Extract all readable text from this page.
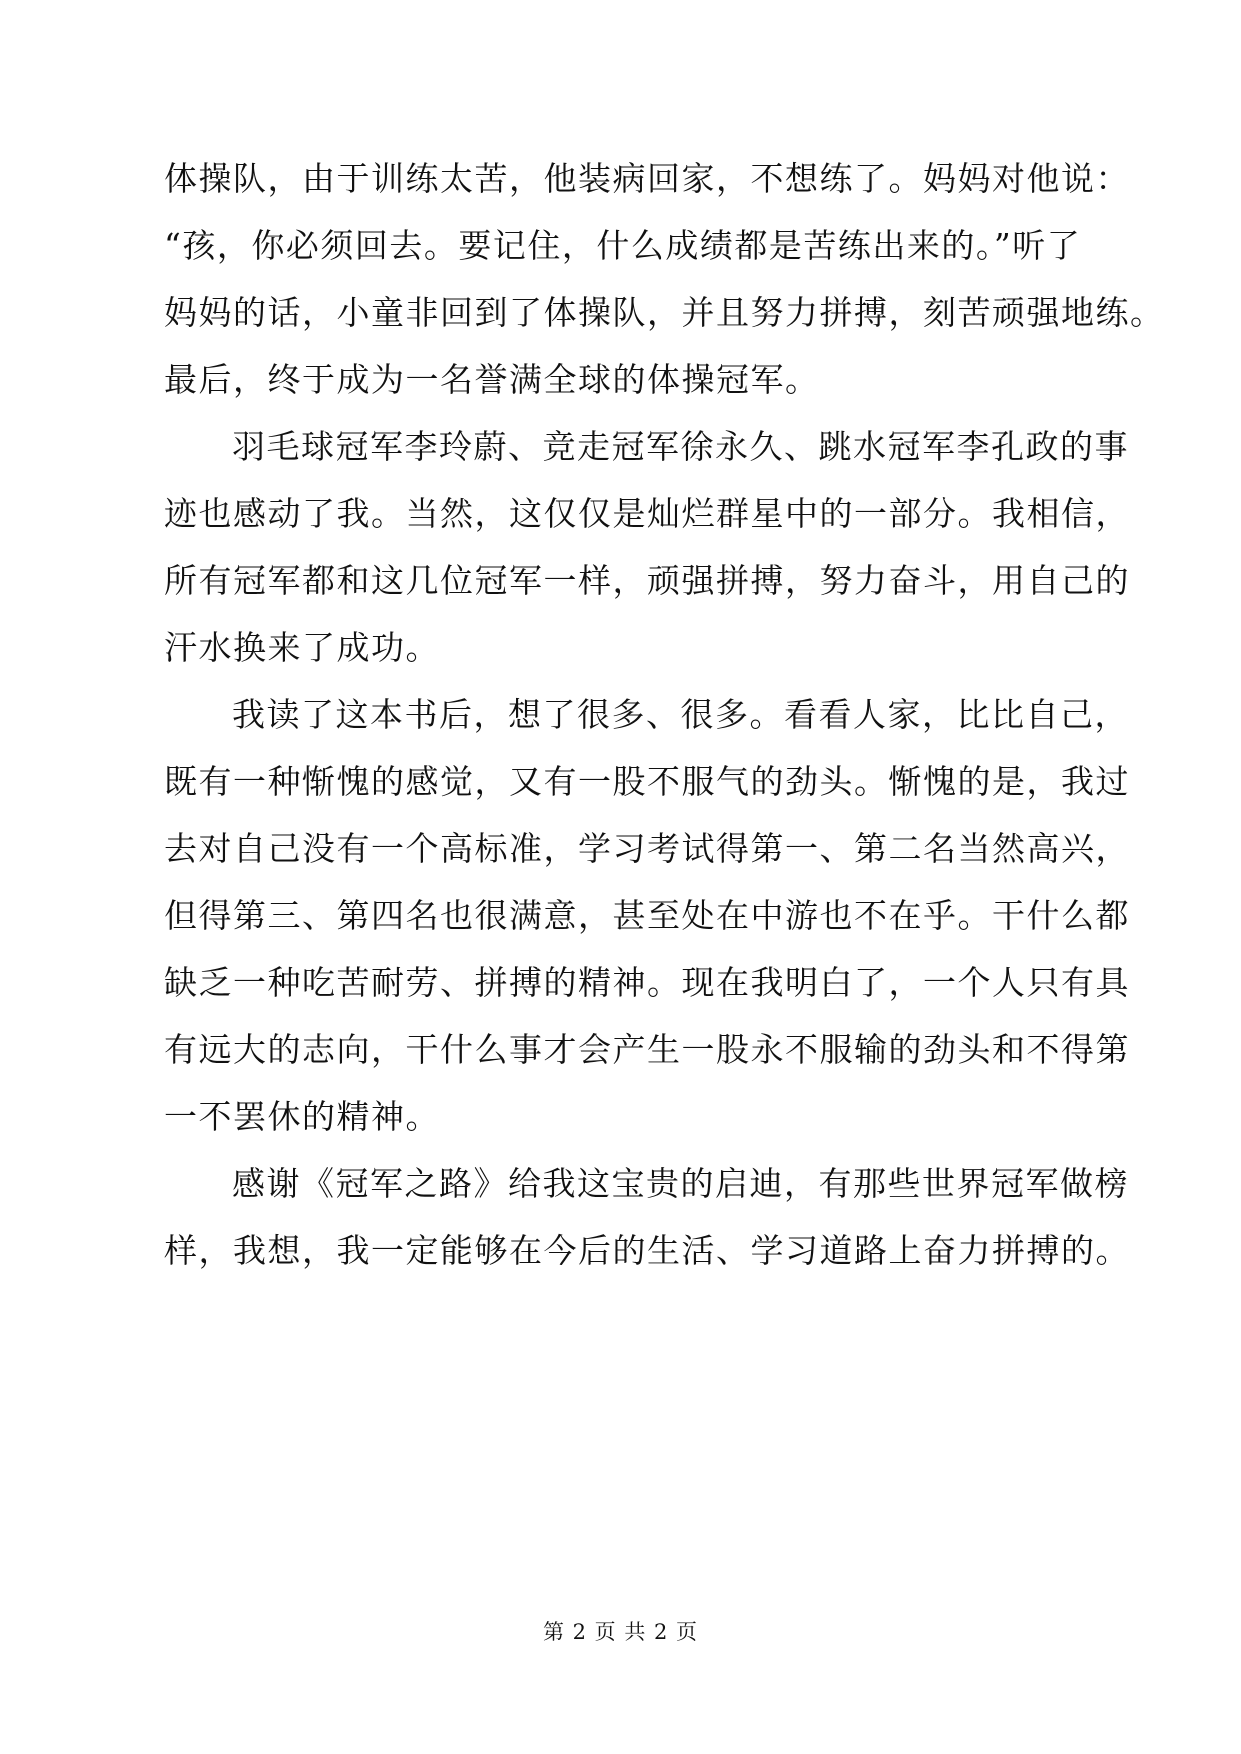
体操队，由于训练太苦，他装病回家，不想练了。妈妈对他说：
“孩，你必须回去。要记住，什么成绩都是苦练出来的。”听了
妈妈的话，小童非回到了体操队，并且努力拼搏，刻苦顽强地练。
最后，终于成为一名誉满全球的体操冠军。
羽毛球冠军李玲蔚、竞走冠军徐永久、跳水冠军李孔政的事
迹也感动了我。当然，这仅仅是灿烂群星中的一部分。我相信，
所有冠军都和这几位冠军一样，顽强拼搏，努力奋斗，用自己的
汗水换来了成功。
我读了这本书后，想了很多、很多。看看人家，比比自己，
既有一种惭愧的感觉，又有一股不服气的劲头。惭愧的是，我过
去对自己没有一个高标准，学习考试得第一、第二名当然高兴，
但得第三、第四名也很满意，甚至处在中游也不在乎。干什么都
缺乏一种吃苦耐劳、拼搏的精神。现在我明白了，一个人只有具
有远大的志向，干什么事才会产生一股永不服输的劲头和不得第
一不罢休的精神。
感谢《冠军之路》给我这宝贵的启迪，有那些世界冠军做榜
样，我想，我一定能够在今后的生活、学习道路上奋力拼搏的。
第 2 页 共 2 页
